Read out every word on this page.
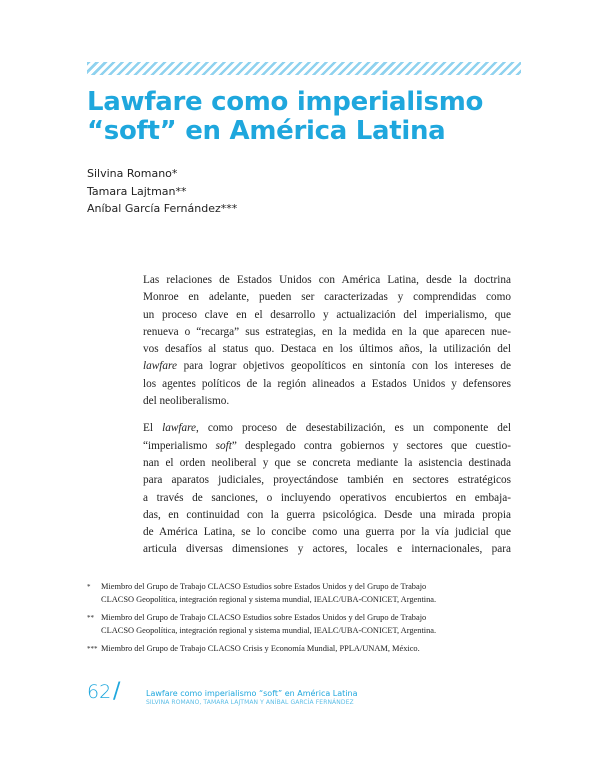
Lawfare como imperialismo
“soft” en América Latina
Silvina Romano*
Tamara Lajtman**
Aníbal García Fernández***

Las relaciones de Estados Unidos con América Latina, desde la doctrina
Monroe en adelante, pueden ser caracterizadas y comprendidas como
un proceso clave en el desarrollo y actualización del imperialismo, que
renueva o “recarga” sus estrategias, en la medida en la que aparecen nue-
vos desafíos al status quo. Destaca en los últimos años, la utilización del
lawfare para lograr objetivos geopolíticos en sintonía con los intereses de
los agentes políticos de la región alineados a Estados Unidos y defensores
del neoliberalismo.

El lawfare, como proceso de desestabilización, es un componente del
“imperialismo soft” desplegado contra gobiernos y sectores que cuestio-
nan el orden neoliberal y que se concreta mediante la asistencia destinada
para aparatos judiciales, proyectándose también en sectores estratégicos
a través de sanciones, o incluyendo operativos encubiertos en embaja-
das, en continuidad con la guerra psicológica. Desde una mirada propia
de América Latina, se lo concibe como una guerra por la vía judicial que
articula diversas dimensiones y actores, locales e internacionales, para

*	Miembro del Grupo de Trabajo CLACSO Estudios sobre Estados Unidos y del Grupo de Trabajo
CLACSO Geopolítica, integración regional y sistema mundial, IEALC/UBA-CONICET, Argentina.
** Miembro del Grupo de Trabajo CLACSO Estudios sobre Estados Unidos y del Grupo de Trabajo
CLACSO Geopolítica, integración regional y sistema mundial, IEALC/UBA-CONICET, Argentina.
*** Miembro del Grupo de Trabajo CLACSO Crisis y Economía Mundial, PPLA/UNAM, México.
62 /	Lawfare como imperialismo “soft” en América Latina
SILVINA ROMANO, TAMARA LAJTMAN Y ANÍBAL GARCÍA FERNÁNDEZ
